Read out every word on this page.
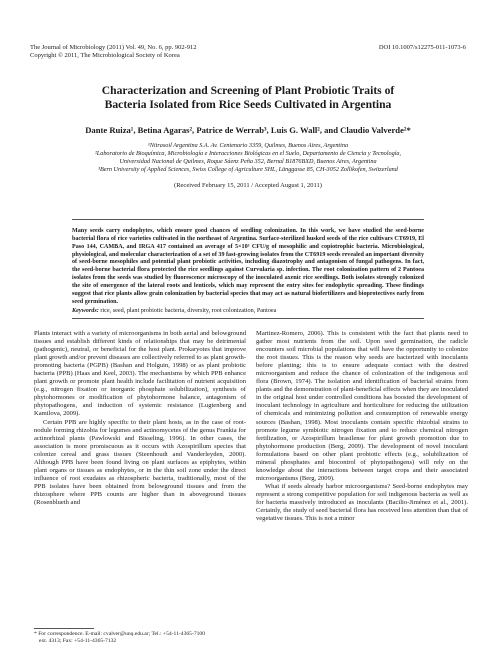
The Journal of Microbiology (2011) Vol. 49, No. 6, pp. 902-912
Copyright © 2011, The Microbiological Society of Korea
DOI 10.1007/s12275-011-1073-6
Characterization and Screening of Plant Probiotic Traits of
Bacteria Isolated from Rice Seeds Cultivated in Argentina
Dante Ruiza¹, Betina Agaras², Patrice de Werrab³, Luis G. Wall², and Claudio Valverde²*
¹Nitrasoil Argentina S.A. Av. Centenario 3359, Quilmes, Buenos Aires, Argentina
²Laboratorio de Bioquímica, Microbiología e Interacciones Biológicas en el Suelo, Departamento de Ciencia y Tecnología,
Universidad Nacional de Quilmes, Roque Sáenz Peña 352, Bernal B1876BXD, Buenos Aires, Argentina
³Bern University of Applied Sciences, Swiss College of Agriculture SHL, Länggasse 85, CH-3052 Zollikofen, Switzerland
(Received February 15, 2011 / Accepted August 1, 2011)
Many seeds carry endophytes, which ensure good chances of seedling colonization. In this work, we have studied the seed-borne bacterial flora of rice varieties cultivated in the northeast of Argentina. Surface-sterilized husked seeds of the rice cultivars CT6919, El Paso 144, CAMBA, and IRGA 417 contained an average of 5×10³ CFU/g of mesophilic and copiotrophic bacteria. Microbiological, physiological, and molecular characterization of a set of 39 fast-growing isolates from the CT6919 seeds revealed an important diversity of seed-borne mesophiles and potential plant probiotic activities, including diazotrophy and antagonism of fungal pathogens. In fact, the seed-borne bacterial flora protected the rice seedlings against Curvularia sp. infection. The root colonization pattern of 2 Pantoea isolates from the seeds was studied by fluorescence microscopy of the inoculated axenic rice seedlings. Both isolates strongly colonized the site of emergence of the lateral roots and lenticels, which may represent the entry sites for endophytic spreading. These findings suggest that rice plants allow grain colonization by bacterial species that may act as natural biofertilizers and bioprotectives early from seed germination.
Keywords: rice, seed, plant probiotic bacteria, diversity, root colonization, Pantoea

Plants interact with a variety of microorganisms in both aerial and belowground tissues and establish different kinds of relationships that may be detrimental (pathogenic), neutral, or beneficial for the host plant. Prokaryotes that improve plant growth and/or prevent diseases are collectively referred to as plant growth-promoting bacteria (PGPB) (Bashan and Holguin, 1998) or as plant probiotic bacteria (PPB) (Haas and Keel, 2003). The mechanisms by which PPB enhance plant growth or promote plant health include facilitation of nutrient acquisition (e.g., nitrogen fixation or inorganic phosphate solubilization), synthesis of phytohormones or modification of phytohormone balance, antagonism of phytopathogens, and induction of systemic resistance (Lugtenberg and Kamilova, 2009).

Certain PPB are highly specific to their plant hosts, as in the case of root-nodule forming rhizobia for legumes and actinomycetes of the genus Frankia for actinorhizal plants (Pawlowski and Bisseling, 1996). In other cases, the association is more promiscuous as it occurs with Azospirillum species that colonize cereal and grass tissues (Steenhoudt and Vanderleyden, 2000). Although PPB have been found living on plant surfaces as epiphytes, within plant organs or tissues as endophytes, or in the thin soil zone under the direct influence of root exudates as rhizospheric bacteria, traditionally, most of the PPB isolates have been obtained from belowground tissues and from the rhizosphere where PPB counts are higher than in aboveground tissues (Rosenblueth and

Martinez-Romero, 2006). This is consistent with the fact that plants need to gather most nutrients from the soil. Upon seed germination, the radicle encounters soil microbial populations that will have the opportunity to colonize the root tissues. This is the reason why seeds are bacterized with inoculants before planting; this is to ensure adequate contact with the desired microorganism and reduce the chance of colonization of the indigenous soil flora (Brown, 1974). The isolation and identification of bacterial strains from plants and the demonstration of plant-beneficial effects when they are inoculated in the original host under controlled conditions has boosted the development of inoculant technology in agriculture and horticulture for reducing the utilization of chemicals and minimizing pollution and consumption of renewable energy sources (Bashan, 1998). Most inoculants contain specific rhizobial strains to promote legume symbiotic nitrogen fixation and to reduce chemical nitrogen fertilization, or Azospirillum brasilense for plant growth promotion due to phytohormone production (Berg, 2009). The development of novel inoculant formulations based on other plant probiotic effects (e.g., solubilization of mineral phosphates and biocontrol of phytopathogens) will rely on the knowledge about the interactions between target crops and their associated microorganisms (Berg, 2009).

What if seeds already harbor microorganisms? Seed-borne endophytes may represent a strong competitive population for soil indigenous bacteria as well as for bacteria massively introduced as inoculants (Bacilio-Jiménez et al., 2001). Certainly, the study of seed bacterial flora has received less attention than that of vegetative tissues. This is not a minor

* For correspondence. E-mail: cvalver@unq.edu.ar; Tel.: +54-11-4365-7100
ext. 4313; Fax: +54-11-4365-7132
